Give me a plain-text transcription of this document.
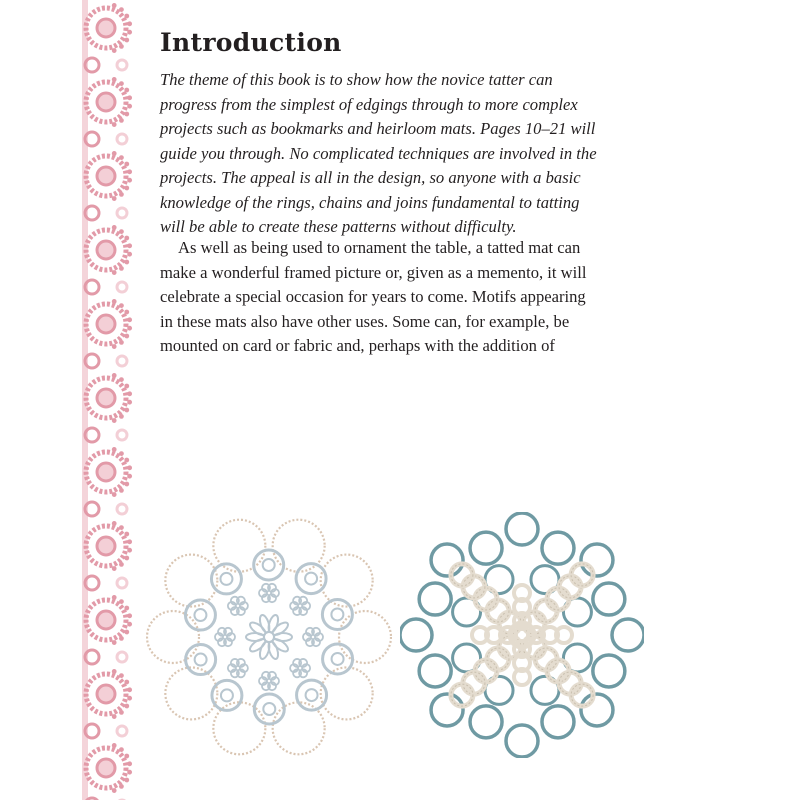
Introduction

The theme of this book is to show how the novice tatter can
progress from the simplest of edgings through to more complex
projects such as bookmarks and heirloom mats. Pages 10–21 will
guide you through. No complicated techniques are involved in the
projects. The appeal is all in the design, so anyone with a basic
knowledge of the rings, chains and joins fundamental to tatting
will be able to create these patterns without difficulty.

As well as being used to ornament the table, a tatted mat can
make a wonderful framed picture or, given as a memento, it will
celebrate a special occasion for years to come. Motifs appearing
in these mats also have other uses. Some can, for example, be
mounted on card or fabric and, perhaps with the addition of
